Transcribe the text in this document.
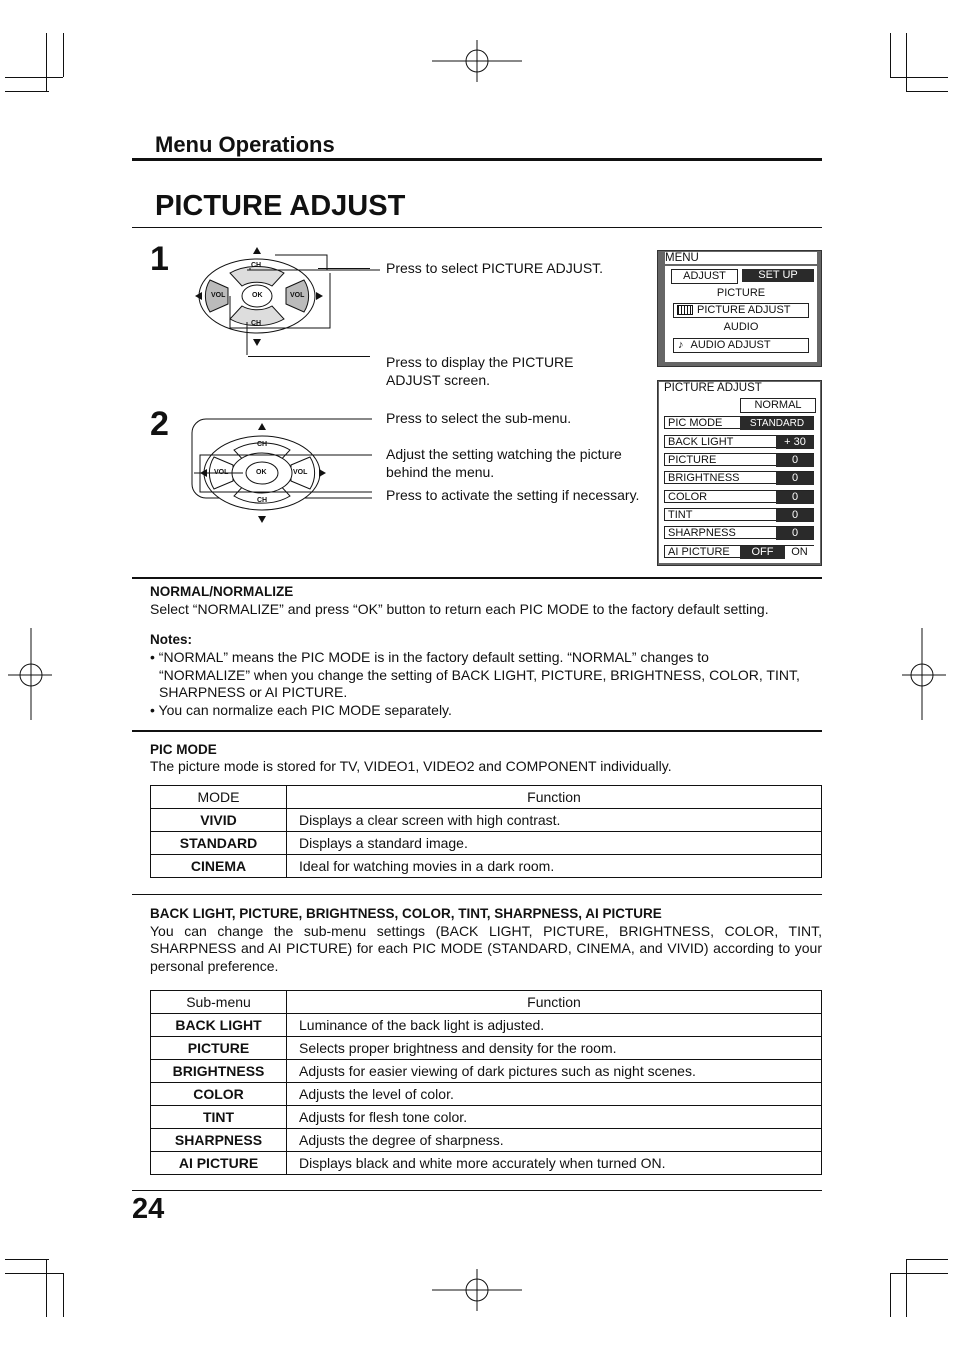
Menu Operations
PICTURE ADJUST
1	CH
VOL	OK	VOL
CH
Press to select PICTURE ADJUST.
Press to display the PICTURE
ADJUST screen.
MENU
ADJUST	SET UP
PICTURE
PICTURE ADJUST
AUDIO
♪ AUDIO ADJUST
2
CH
VOL	OK	VOL
CH
Press to select the sub-menu.
Adjust the setting watching the picture
behind the menu.
Press to activate the setting if necessary.
PICTURE ADJUST
NORMAL
PIC MODE	STANDARD
BACK LIGHT	+ 30
PICTURE	0
BRIGHTNESS	0
COLOR	0
TINT	0
SHARPNESS	0
AI PICTURE	OFF	ON
NORMAL/NORMALIZE
Select “NORMALIZE” and press “OK” button to return each PIC MODE to the factory default setting.
Notes:
• “NORMAL” means the PIC MODE is in the factory default setting. “NORMAL” changes to
“NORMALIZE” when you change the setting of BACK LIGHT, PICTURE, BRIGHTNESS, COLOR, TINT,
SHARPNESS or AI PICTURE.
• You can normalize each PIC MODE separately.
PIC MODE
The picture mode is stored for TV, VIDEO1, VIDEO2 and COMPONENT individually.
MODE	Function
VIVID	Displays a clear screen with high contrast.
STANDARD	Displays a standard image.
CINEMA	Ideal for watching movies in a dark room.
BACK LIGHT, PICTURE, BRIGHTNESS, COLOR, TINT, SHARPNESS, AI PICTURE
You can change the sub-menu settings (BACK LIGHT, PICTURE, BRIGHTNESS, COLOR, TINT,
SHARPNESS and AI PICTURE) for each PIC MODE (STANDARD, CINEMA, and VIVID) according to your
personal preference.
Sub-menu	Function
BACK LIGHT	Luminance of the back light is adjusted.
PICTURE	Selects proper brightness and density for the room.
BRIGHTNESS	Adjusts for easier viewing of dark pictures such as night scenes.
COLOR	Adjusts the level of color.
TINT	Adjusts for flesh tone color.
SHARPNESS	Adjusts the degree of sharpness.
AI PICTURE	Displays black and white more accurately when turned ON.
24
